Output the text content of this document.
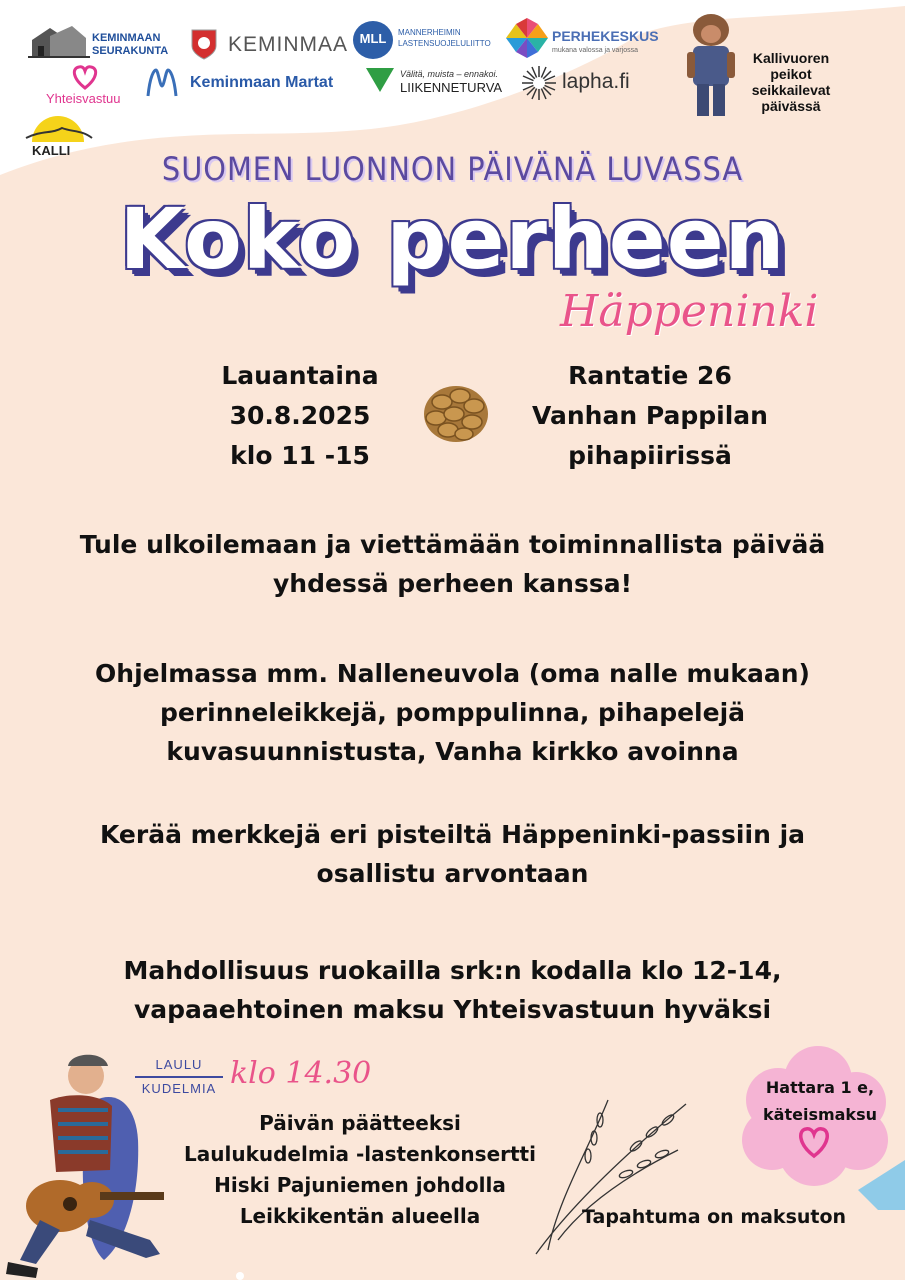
KEMINMAAN
SEURAKUNTA
Yhteisvastuu
KALLI
KEMINMAA
Keminmaan Martat
MLL	MANNERHEIMIN
LASTENSUOJELULIITTO
Välitä, muista – ennakoi.
LIIKENNETURVA
PERHEKESKUS
mukana valossa ja varjossa
lapha.fi
Kallivuoren
peikot
seikkailevat
päivässä
SUOMEN LUONNON PÄIVÄNÄ LUVASSA
Koko perheen
Häppeninki
Lauantaina
30.8.2025
klo 11 -15
Rantatie 26
Vanhan Pappilan
pihapiirissä
Tule ulkoilemaan ja viettämään toiminnallista päivää yhdessä perheen kanssa!
Ohjelmassa mm. Nalleneuvola (oma nalle mukaan) perinneleikkejä, pomppulinna, pihapelejä kuvasuunnistusta, Vanha kirkko avoinna
Kerää merkkejä eri pisteiltä Häppeninki-passiin ja osallistu arvontaan
Mahdollisuus ruokailla srk:n kodalla klo 12-14, vapaaehtoinen maksu Yhteisvastuun hyväksi
LAULU
KUDELMIA klo 14.30
Päivän päätteeksi
Laulukudelmia -lastenkonsertti
Hiski Pajuniemen johdolla
Leikkikentän alueella
Hattara 1 e, käteismaksu
Tapahtuma on maksuton
